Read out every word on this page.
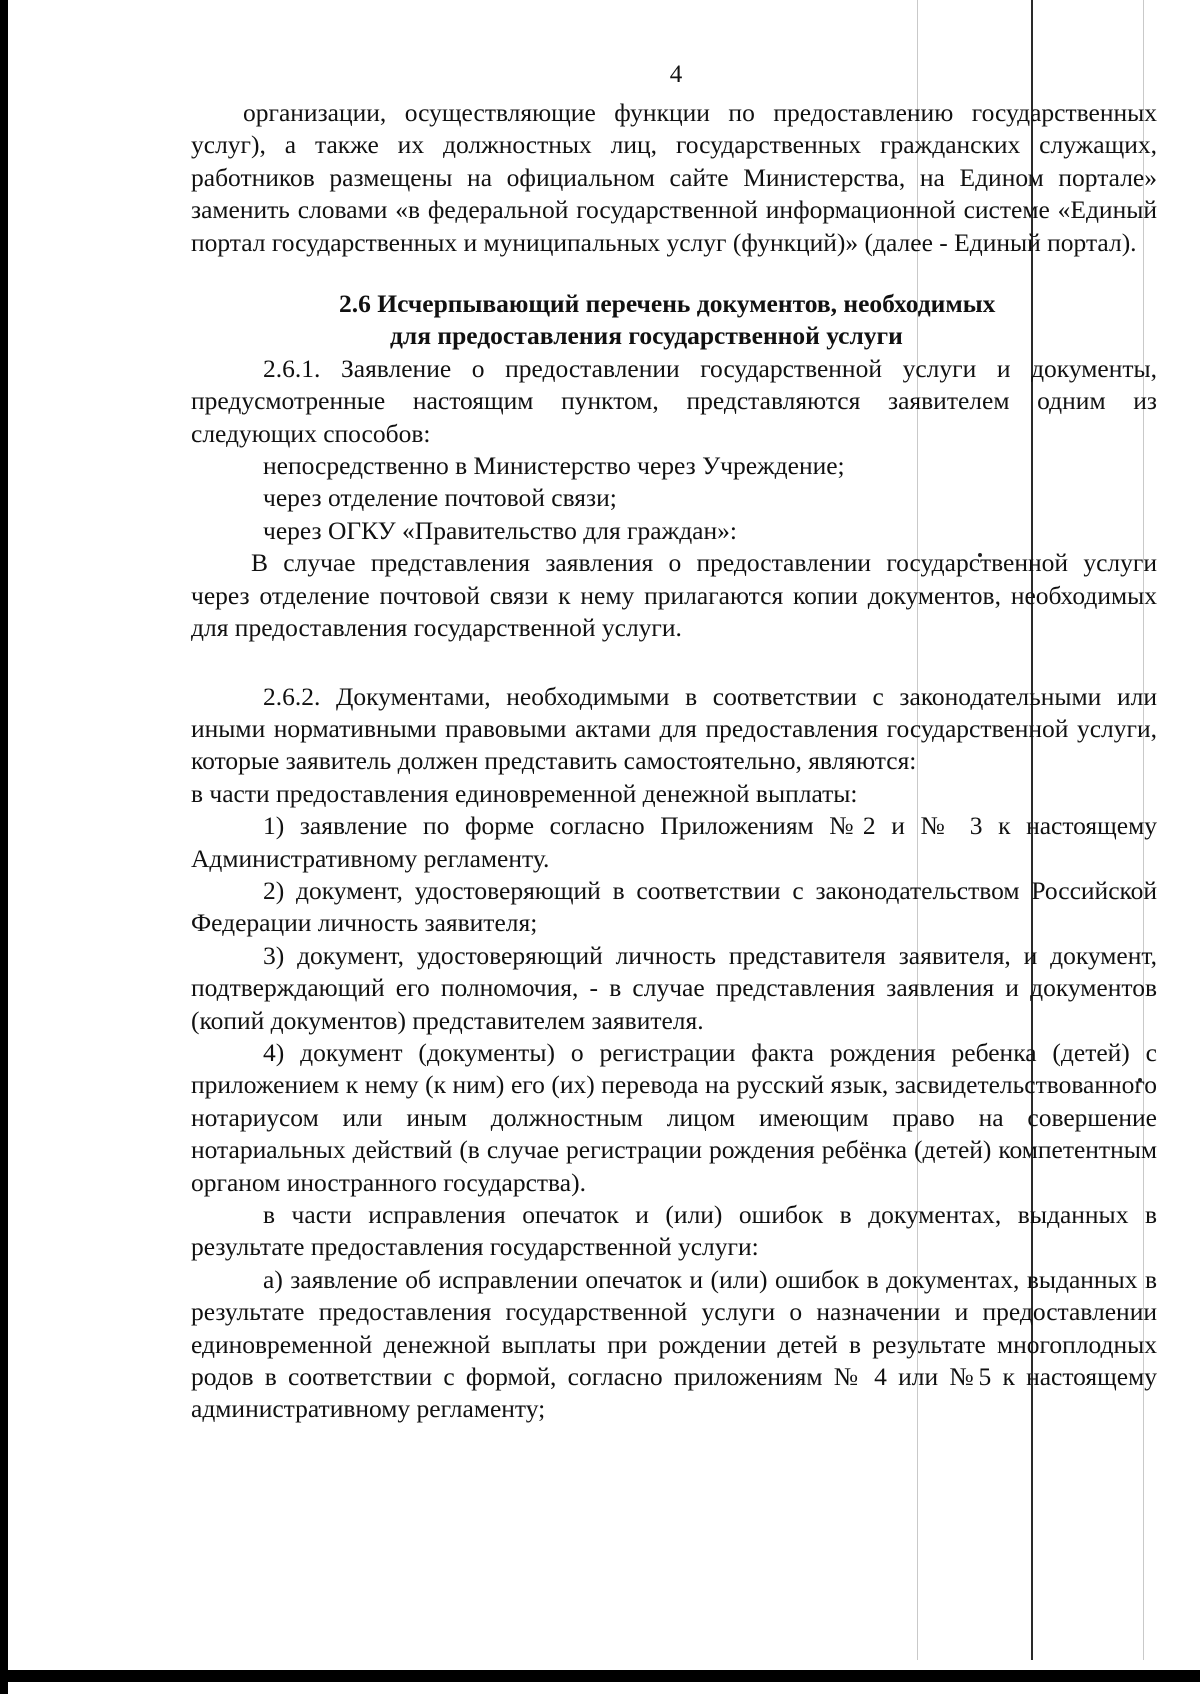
4

организации, осуществляющие функции по предоставлению государственных услуг), а также их должностных лиц, государственных гражданских служащих, работников размещены на официальном сайте Министерства, на Едином портале» заменить словами «в федеральной государственной информационной системе «Единый портал государственных и муниципальных услуг (функций)» (далее - Единый портал).

2.6 Исчерпывающий перечень документов, необходимых

для предоставления государственной услуги

2.6.1. Заявление о предоставлении государственной услуги и документы, предусмотренные настоящим пунктом, представляются заявителем одним из следующих способов:

непосредственно в Министерство через Учреждение;

через отделение почтовой связи;

через ОГКУ «Правительство для граждан»:

В случае представления заявления о предоставлении государственной услуги через отделение почтовой связи к нему прилагаются копии документов, необходимых для предоставления государственной услуги.

2.6.2. Документами, необходимыми в соответствии с законодательными или иными нормативными правовыми актами для предоставления государственной услуги, которые заявитель должен представить самостоятельно, являются:

в части предоставления единовременной денежной выплаты:

1) заявление по форме согласно Приложениям №2 и № 3 к настоящему Административному регламенту.

2) документ, удостоверяющий в соответствии с законодательством Российской Федерации личность заявителя;

3) документ, удостоверяющий личность представителя заявителя, и документ, подтверждающий его полномочия, - в случае представления заявления и документов (копий документов) представителем заявителя.

4) документ (документы) о регистрации факта рождения ребенка (детей) с приложением к нему (к ним) его (их) перевода на русский язык, засвидетельствованного нотариусом или иным должностным лицом имеющим право на совершение нотариальных действий (в случае регистрации рождения ребёнка (детей) компетентным органом иностранного государства).

в части исправления опечаток и (или) ошибок в документах, выданных в результате предоставления государственной услуги:

а) заявление об исправлении опечаток и (или) ошибок в документах, выданных в результате предоставления государственной услуги о назначении и предоставлении единовременной денежной выплаты при рождении детей в результате многоплодных родов в соответствии с формой, согласно приложениям № 4 или №5 к настоящему административному регламенту;
